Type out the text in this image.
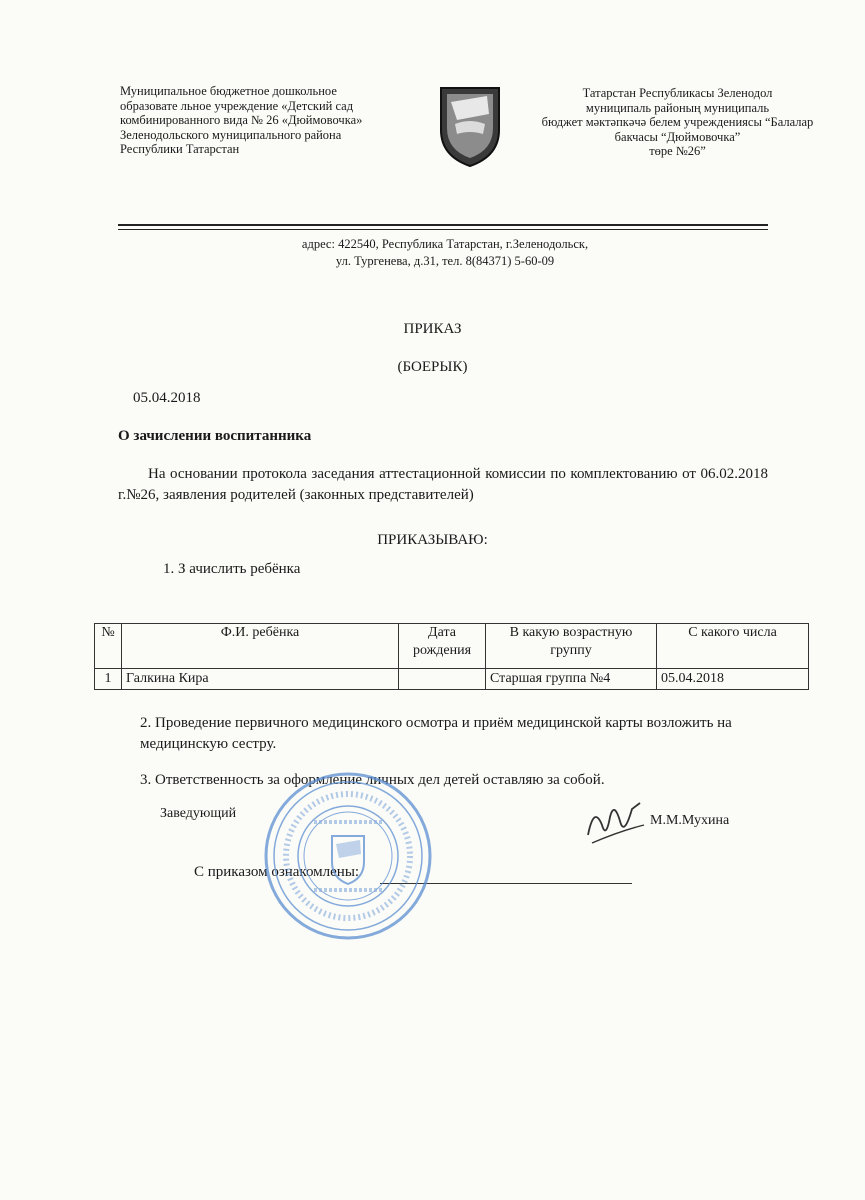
Муниципальное бюджетное дошкольное
образовате льное учреждение «Детский сад
комбинированного вида № 26 «Дюймовочка»
Зеленодольского муниципального района
Республики Татарстан
Татарстан Республикасы Зеленодол
муниципаль районың муниципаль
бюджет мәктәпкәчә белем учреждениясы “Балалар
бакчасы “Дюймовочка”
төре №26”
адрес: 422540, Республика Татарстан, г.Зеленодольск,
ул. Тургенева, д.31, тел. 8(84371) 5-60-09
ПРИКАЗ
(БОЕРЫК)
05.04.2018
О зачислении воспитанника
На основании протокола заседания аттестационной комиссии по комплектованию от 06.02.2018 г.№26, заявления родителей (законных представителей)
ПРИКАЗЫВАЮ:
1. З ачислить ребёнка
№	Ф.И. ребёнка	Дата рождения	В какую возрастную группу	С какого числа
1	Галкина Кира		Старшая группа №4	05.04.2018
2. Проведение первичного медицинского осмотра и приём медицинской карты возложить на медицинскую сестру.
3. Ответственность за оформление личных дел детей оставляю за собой.
Заведующий	М.М.Мухина
С приказом ознакомлены:
